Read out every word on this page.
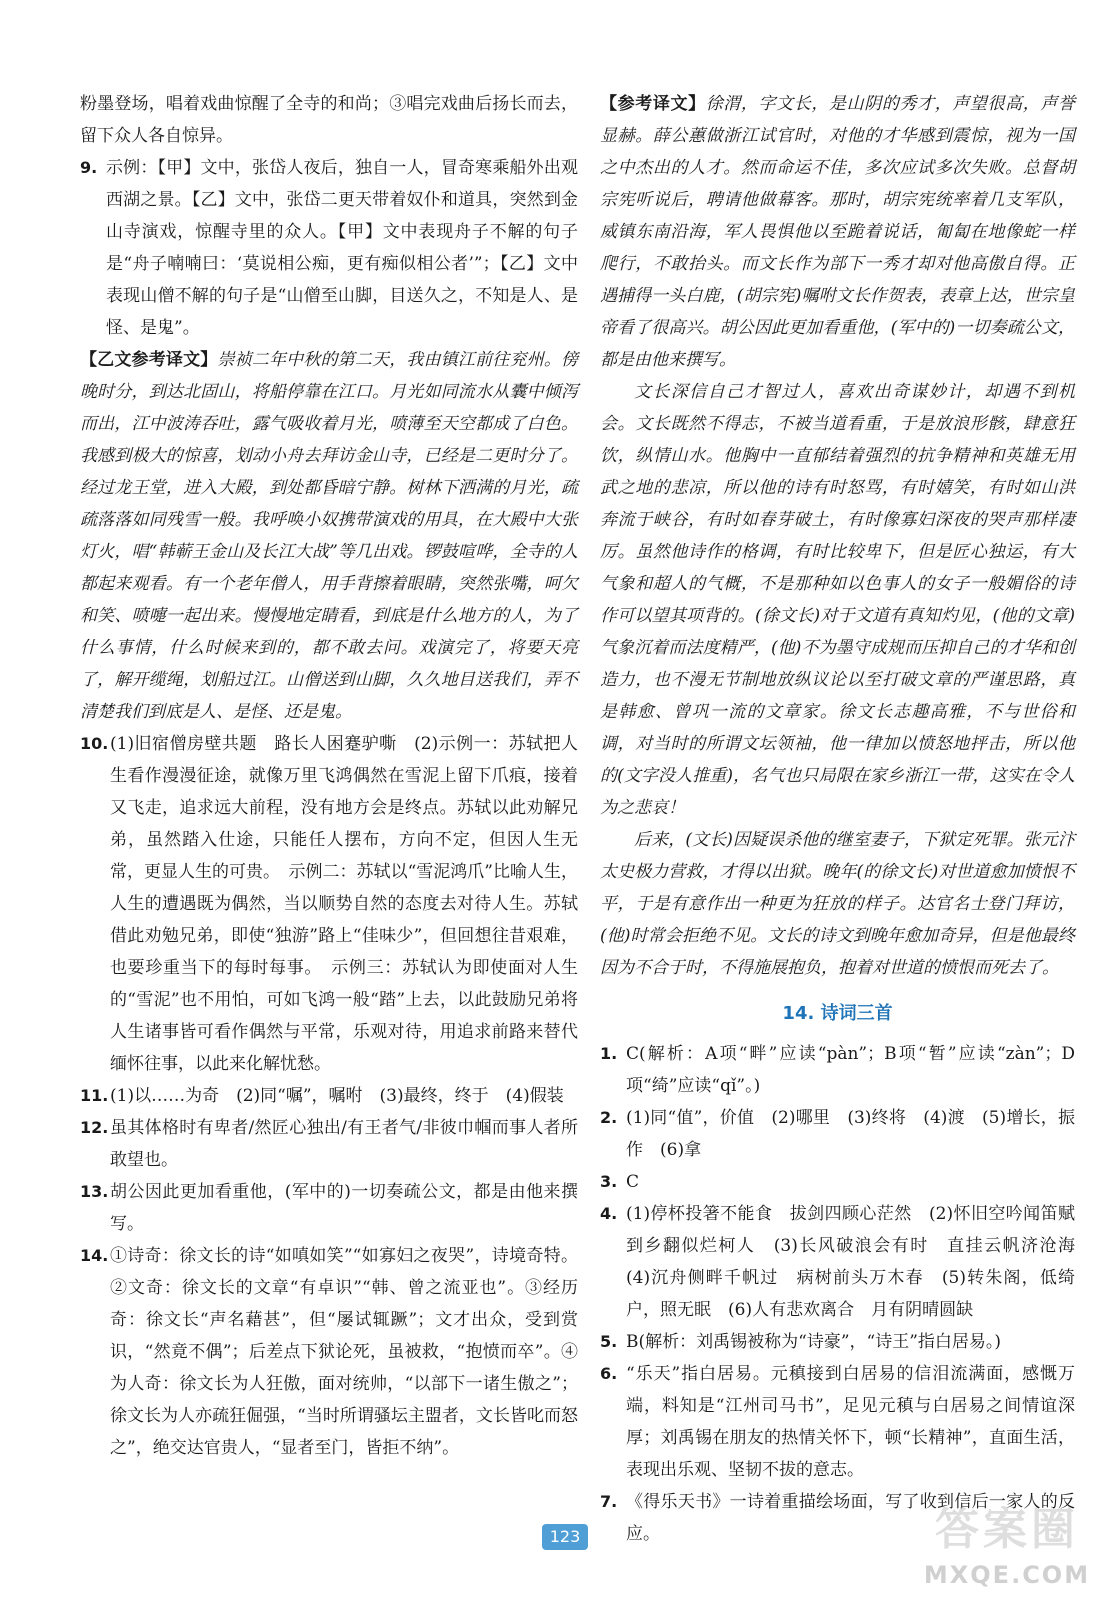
粉墨登场，唱着戏曲惊醒了全寺的和尚；③唱完戏曲后扬长而去，留下众人各自惊异。

9. 示例：【甲】文中，张岱人夜后，独自一人，冒奇寒乘船外出观西湖之景。【乙】文中，张岱二更天带着奴仆和道具，突然到金山寺演戏，惊醒寺里的众人。【甲】文中表现舟子不解的句子是“舟子喃喃曰：‘莫说相公痴，更有痴似相公者’”；【乙】文中表现山僧不解的句子是“山僧至山脚，目送久之，不知是人、是怪、是鬼”。

【乙文参考译文】崇祯二年中秋的第二天，我由镇江前往兖州。傍晚时分，到达北固山，将船停靠在江口。月光如同流水从囊中倾泻而出，江中波涛吞吐，露气吸收着月光，喷薄至天空都成了白色。我感到极大的惊喜，划动小舟去拜访金山寺，已经是二更时分了。经过龙王堂，进入大殿，到处都昏暗宁静。树林下洒满的月光，疏疏落落如同残雪一般。我呼唤小奴携带演戏的用具，在大殿中大张灯火，唱“韩蕲王金山及长江大战”等几出戏。锣鼓喧哗，全寺的人都起来观看。有一个老年僧人，用手背擦着眼睛，突然张嘴，呵欠和笑、喷嚏一起出来。慢慢地定睛看，到底是什么地方的人，为了什么事情，什么时候来到的，都不敢去问。戏演完了，将要天亮了，解开缆绳，划船过江。山僧送到山脚，久久地目送我们，弄不清楚我们到底是人、是怪、还是鬼。

10. (1)旧宿僧房壁共题　路长人困蹇驴嘶　(2)示例一：苏轼把人生看作漫漫征途，就像万里飞鸿偶然在雪泥上留下爪痕，接着又飞走，追求远大前程，没有地方会是终点。苏轼以此劝解兄弟，虽然踏入仕途，只能任人摆布，方向不定，但因人生无常，更显人生的可贵。　示例二：苏轼以“雪泥鸿爪”比喻人生，人生的遭遇既为偶然，当以顺势自然的态度去对待人生。苏轼借此劝勉兄弟，即使“独游”路上“佳味少”，但回想往昔艰难，也要珍重当下的每时每事。　示例三：苏轼认为即使面对人生的“雪泥”也不用怕，可如飞鸿一般“踏”上去，以此鼓励兄弟将人生诸事皆可看作偶然与平常，乐观对待，用追求前路来替代缅怀往事，以此来化解忧愁。

11. (1)以……为奇　(2)同“嘱”，嘱咐　(3)最终，终于　(4)假装

12. 虽其体格时有卑者/然匠心独出/有王者气/非彼巾帼而事人者所敢望也。

13. 胡公因此更加看重他，(军中的)一切奏疏公文，都是由他来撰写。

14. ①诗奇：徐文长的诗“如嗔如笑”“如寡妇之夜哭”，诗境奇特。②文奇：徐文长的文章“有卓识”“韩、曾之流亚也”。③经历奇：徐文长“声名藉甚”，但“屡试辄蹶”；文才出众，受到赏识，“然竟不偶”；后差点下狱论死，虽被救，“抱愤而卒”。④为人奇：徐文长为人狂傲，面对统帅，“以部下一诸生傲之”；徐文长为人亦疏狂倔强，“当时所谓骚坛主盟者，文长皆叱而怒之”，绝交达官贵人，“显者至门，皆拒不纳”。

【参考译文】徐渭，字文长，是山阴的秀才，声望很高，声誉显赫。薛公蕙做浙江试官时，对他的才华感到震惊，视为一国之中杰出的人才。然而命运不佳，多次应试多次失败。总督胡宗宪听说后，聘请他做幕客。那时，胡宗宪统率着几支军队，威镇东南沿海，军人畏惧他以至跪着说话，匍匐在地像蛇一样爬行，不敢抬头。而文长作为部下一秀才却对他高傲自得。正遇捕得一头白鹿，(胡宗宪)嘱咐文长作贺表，表章上达，世宗皇帝看了很高兴。胡公因此更加看重他，(军中的)一切奏疏公文，都是由他来撰写。

文长深信自己才智过人，喜欢出奇谋妙计，却遇不到机会。文长既然不得志，不被当道看重，于是放浪形骸，肆意狂饮，纵情山水。他胸中一直郁结着强烈的抗争精神和英雄无用武之地的悲凉，所以他的诗有时怒骂，有时嬉笑，有时如山洪奔流于峡谷，有时如春芽破土，有时像寡妇深夜的哭声那样凄厉。虽然他诗作的格调，有时比较卑下，但是匠心独运，有大气象和超人的气概，不是那种如以色事人的女子一般媚俗的诗作可以望其项背的。(徐文长)对于文道有真知灼见，(他的文章)气象沉着而法度精严，(他)不为墨守成规而压抑自己的才华和创造力，也不漫无节制地放纵议论以至打破文章的严谨思路，真是韩愈、曾巩一流的文章家。徐文长志趣高雅，不与世俗和调，对当时的所谓文坛领袖，他一律加以愤怒地抨击，所以他的(文字没人推重)，名气也只局限在家乡浙江一带，这实在令人为之悲哀！

后来，(文长)因疑误杀他的继室妻子，下狱定死罪。张元汴太史极力营救，才得以出狱。晚年(的徐文长)对世道愈加愤恨不平，于是有意作出一种更为狂放的样子。达官名士登门拜访，(他)时常会拒绝不见。文长的诗文到晚年愈加奇异，但是他最终因为不合于时，不得施展抱负，抱着对世道的愤恨而死去了。

14. 诗词三首
1. C(解析：A项“畔”应读“pàn”；B项“暂”应读“zàn”；D项“绮”应读“qǐ”。)

2. (1)同“值”，价值　(2)哪里　(3)终将　(4)渡　(5)增长，振作　(6)拿

3. C

4. (1)停杯投箸不能食　拔剑四顾心茫然　(2)怀旧空吟闻笛赋　到乡翻似烂柯人　(3)长风破浪会有时　直挂云帆济沧海　(4)沉舟侧畔千帆过　病树前头万木春　(5)转朱阁，低绮户，照无眠　(6)人有悲欢离合　月有阴晴圆缺

5. B(解析：刘禹锡被称为“诗豪”，“诗王”指白居易。)

6. “乐天”指白居易。元稹接到白居易的信泪流满面，感慨万端，料知是“江州司马书”，足见元稹与白居易之间情谊深厚；刘禹锡在朋友的热情关怀下，顿“长精神”，直面生活，表现出乐观、坚韧不拔的意志。

7. 《得乐天书》一诗着重描绘场面，写了收到信后一家人的反应。

123	答案圈
MXQE.COM
